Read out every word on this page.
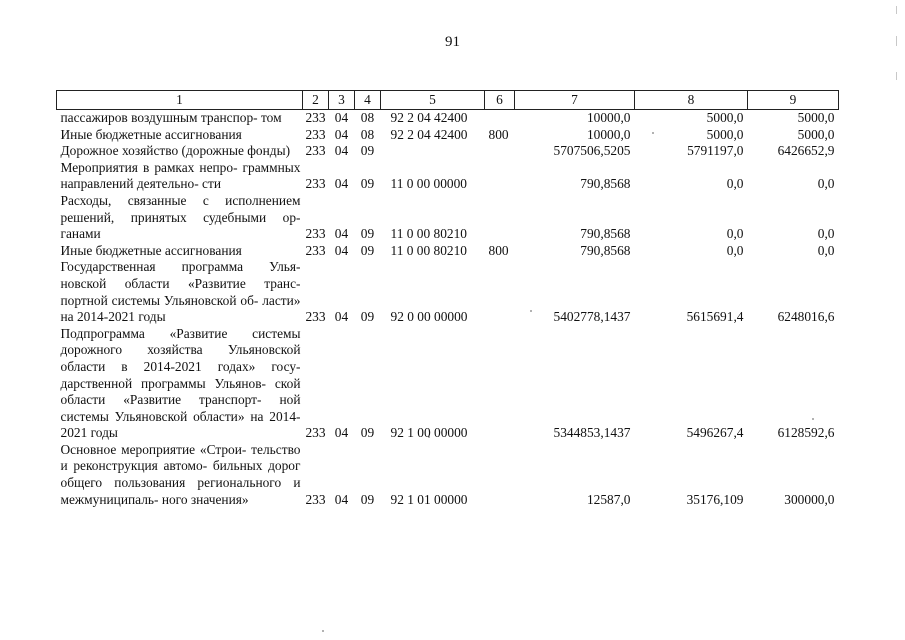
91
1	2	3	4	5	6	7	8	9
пассажиров воздушным транспор- том	233	04	08	92 2 04 42400		10000,0	5000,0	5000,0
Иные бюджетные ассигнования	233	04	08	92 2 04 42400	800	10000,0	5000,0	5000,0
Дорожное хозяйство (дорожные фонды)	233	04	09			5707506,5205	5791197,0	6426652,9
Мероприятия в рамках непро- граммных направлений деятельно- сти	233	04	09	11 0 00 00000		790,8568	0,0	0,0
Расходы, связанные с исполнением решений, принятых судебными ор- ганами	233	04	09	11 0 00 80210		790,8568	0,0	0,0
Иные бюджетные ассигнования	233	04	09	11 0 00 80210	800	790,8568	0,0	0,0
Государственная программа Улья- новской области «Развитие транс- портной системы Ульяновской об- ласти» на 2014-2021 годы	233	04	09	92 0 00 00000		5402778,1437	5615691,4	6248016,6
Подпрограмма «Развитие системы дорожного хозяйства Ульяновской области в 2014-2021 годах» госу- дарственной программы Ульянов- ской области «Развитие транспорт- ной системы Ульяновской области» на 2014-2021 годы	233	04	09	92 1 00 00000		5344853,1437	5496267,4	6128592,6
Основное мероприятие «Строи- тельство и реконструкция автомо- бильных дорог общего пользования регионального и межмуниципаль- ного значения»	233	04	09	92 1 01 00000		12587,0	35176,109	300000,0
